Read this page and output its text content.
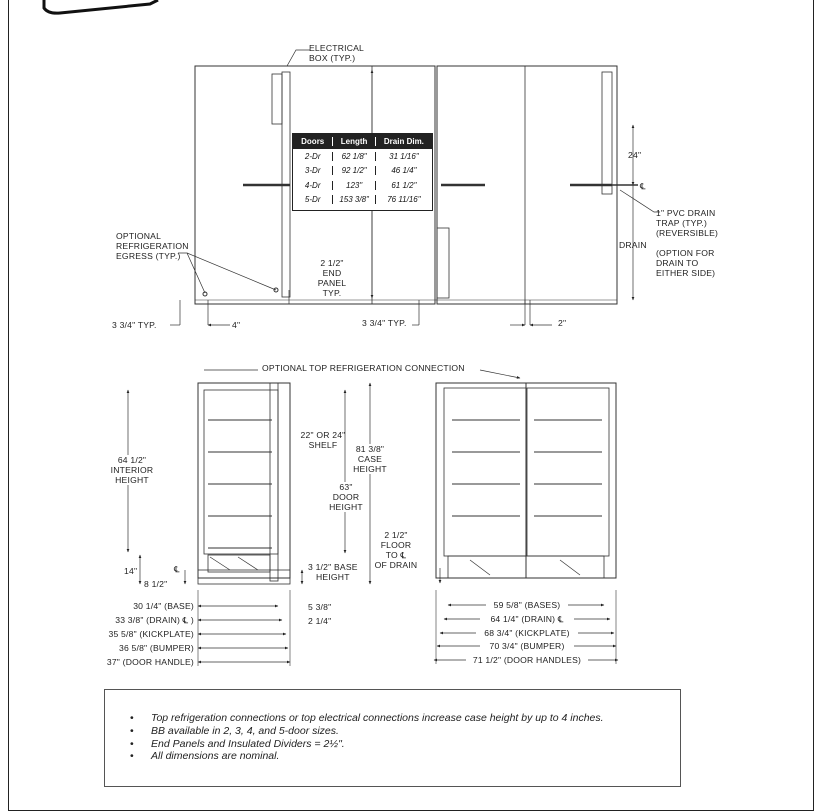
ELECTRICAL
BOX (TYP.)
Doors	Length	Drain Dim.
2-Dr	62 1/8"	31 1/16"
3-Dr	92 1/2"	46 1/4"
4-Dr	123"	61 1/2"
5-Dr	153 3/8"	76 11/16"
24"
℄
1" PVC DRAIN
TRAP (TYP.)
(REVERSIBLE)
DRAIN
(OPTION FOR
DRAIN TO
EITHER SIDE)
OPTIONAL
REFRIGERATION
EGRESS (TYP.)
2 1/2"
END
PANEL
TYP.
3 3/4" TYP.	4"	3 3/4" TYP.	2"
OPTIONAL TOP REFRIGERATION CONNECTION
64 1/2"
INTERIOR
HEIGHT
22" OR 24"
SHELF	81 3/8"
CASE
HEIGHT
63"
DOOR
HEIGHT
2 1/2"
FLOOR
TO ℄
OF DRAIN
14"	℄
8 1/2"
3 1/2" BASE
HEIGHT
5 3/8"
2 1/4"
30 1/4" (BASE)
33 3/8" (DRAIN) ℄ )
35 5/8" (KICKPLATE)
36 5/8" (BUMPER)
37" (DOOR HANDLE)
59 5/8" (BASES)
64 1/4" (DRAIN) ℄
68 3/4" (KICKPLATE)
70 3/4" (BUMPER)
71 1/2" (DOOR HANDLES)
• Top refrigeration connections or top electrical connections increase case height by up to 4 inches.
• BB available in 2, 3, 4, and 5-door sizes.
• End Panels and Insulated Dividers = 2½".
• All dimensions are nominal.
